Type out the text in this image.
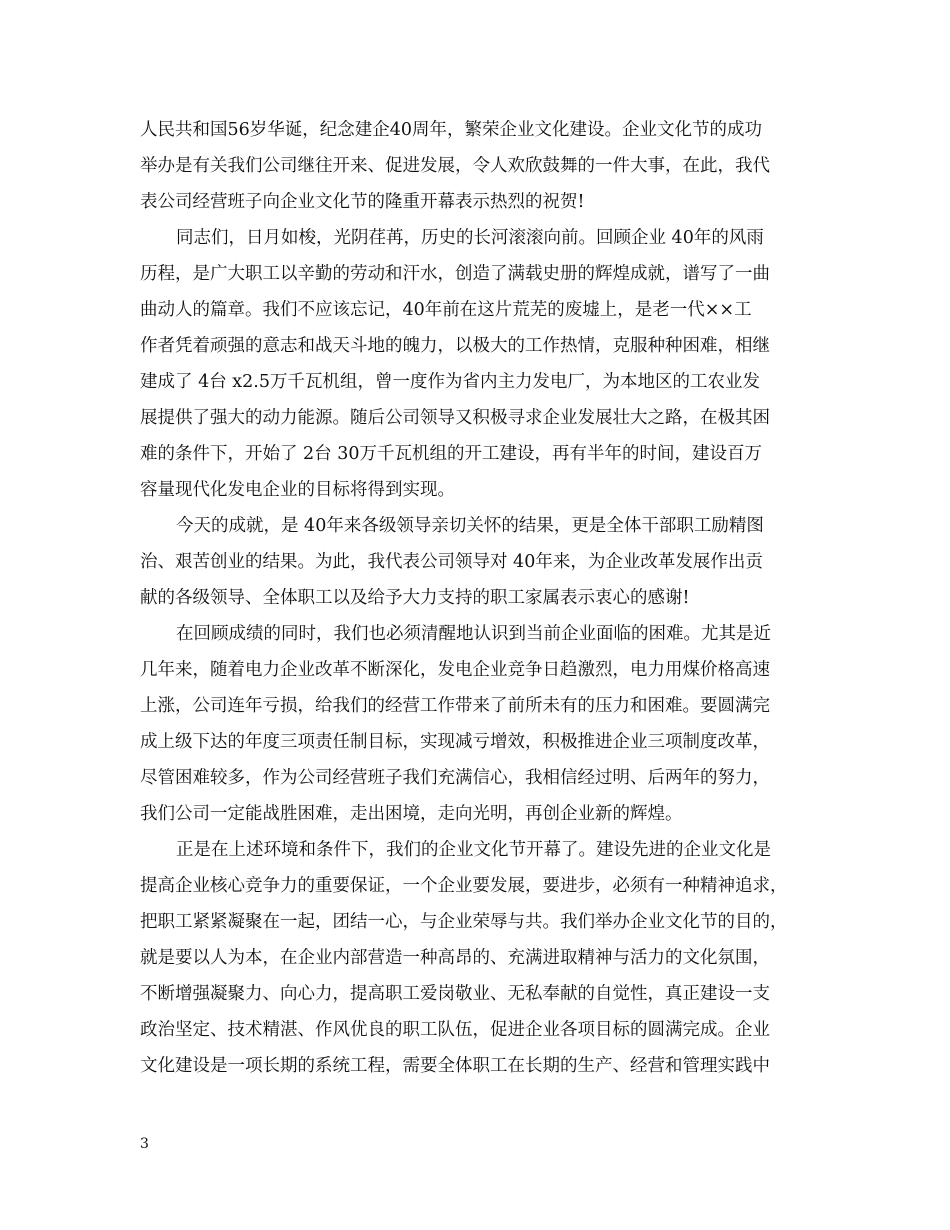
人民共和国56岁华诞，纪念建企40周年，繁荣企业文化建设。企业文化节的成功
举办是有关我们公司继往开来、促进发展，令人欢欣鼓舞的一件大事，在此，我代
表公司经营班子向企业文化节的隆重开幕表示热烈的祝贺!
同志们，日月如梭，光阴荏苒，历史的长河滚滚向前。回顾企业 40年的风雨
历程，是广大职工以辛勤的劳动和汗水，创造了满载史册的辉煌成就，谱写了一曲
曲动人的篇章。我们不应该忘记，40年前在这片荒芜的废墟上，是老一代××工
作者凭着顽强的意志和战天斗地的魄力，以极大的工作热情，克服种种困难，相继
建成了 4台 x2.5万千瓦机组，曾一度作为省内主力发电厂，为本地区的工农业发
展提供了强大的动力能源。随后公司领导又积极寻求企业发展壮大之路，在极其困
难的条件下，开始了 2台 30万千瓦机组的开工建设，再有半年的时间，建设百万
容量现代化发电企业的目标将得到实现。
今天的成就，是 40年来各级领导亲切关怀的结果，更是全体干部职工励精图
治、艰苦创业的结果。为此，我代表公司领导对 40年来，为企业改革发展作出贡
献的各级领导、全体职工以及给予大力支持的职工家属表示衷心的感谢!
在回顾成绩的同时，我们也必须清醒地认识到当前企业面临的困难。尤其是近
几年来，随着电力企业改革不断深化，发电企业竞争日趋激烈，电力用煤价格高速
上涨，公司连年亏损，给我们的经营工作带来了前所未有的压力和困难。要圆满完
成上级下达的年度三项责任制目标，实现减亏增效，积极推进企业三项制度改革，
尽管困难较多，作为公司经营班子我们充满信心，我相信经过明、后两年的努力，
我们公司一定能战胜困难，走出困境，走向光明，再创企业新的辉煌。
正是在上述环境和条件下，我们的企业文化节开幕了。建设先进的企业文化是
提高企业核心竞争力的重要保证，一个企业要发展，要进步，必须有一种精神追求，
把职工紧紧凝聚在一起，团结一心，与企业荣辱与共。我们举办企业文化节的目的，
就是要以人为本，在企业内部营造一种高昂的、充满进取精神与活力的文化氛围，
不断增强凝聚力、向心力，提高职工爱岗敬业、无私奉献的自觉性，真正建设一支
政治坚定、技术精湛、作风优良的职工队伍，促进企业各项目标的圆满完成。企业
文化建设是一项长期的系统工程，需要全体职工在长期的生产、经营和管理实践中
3
